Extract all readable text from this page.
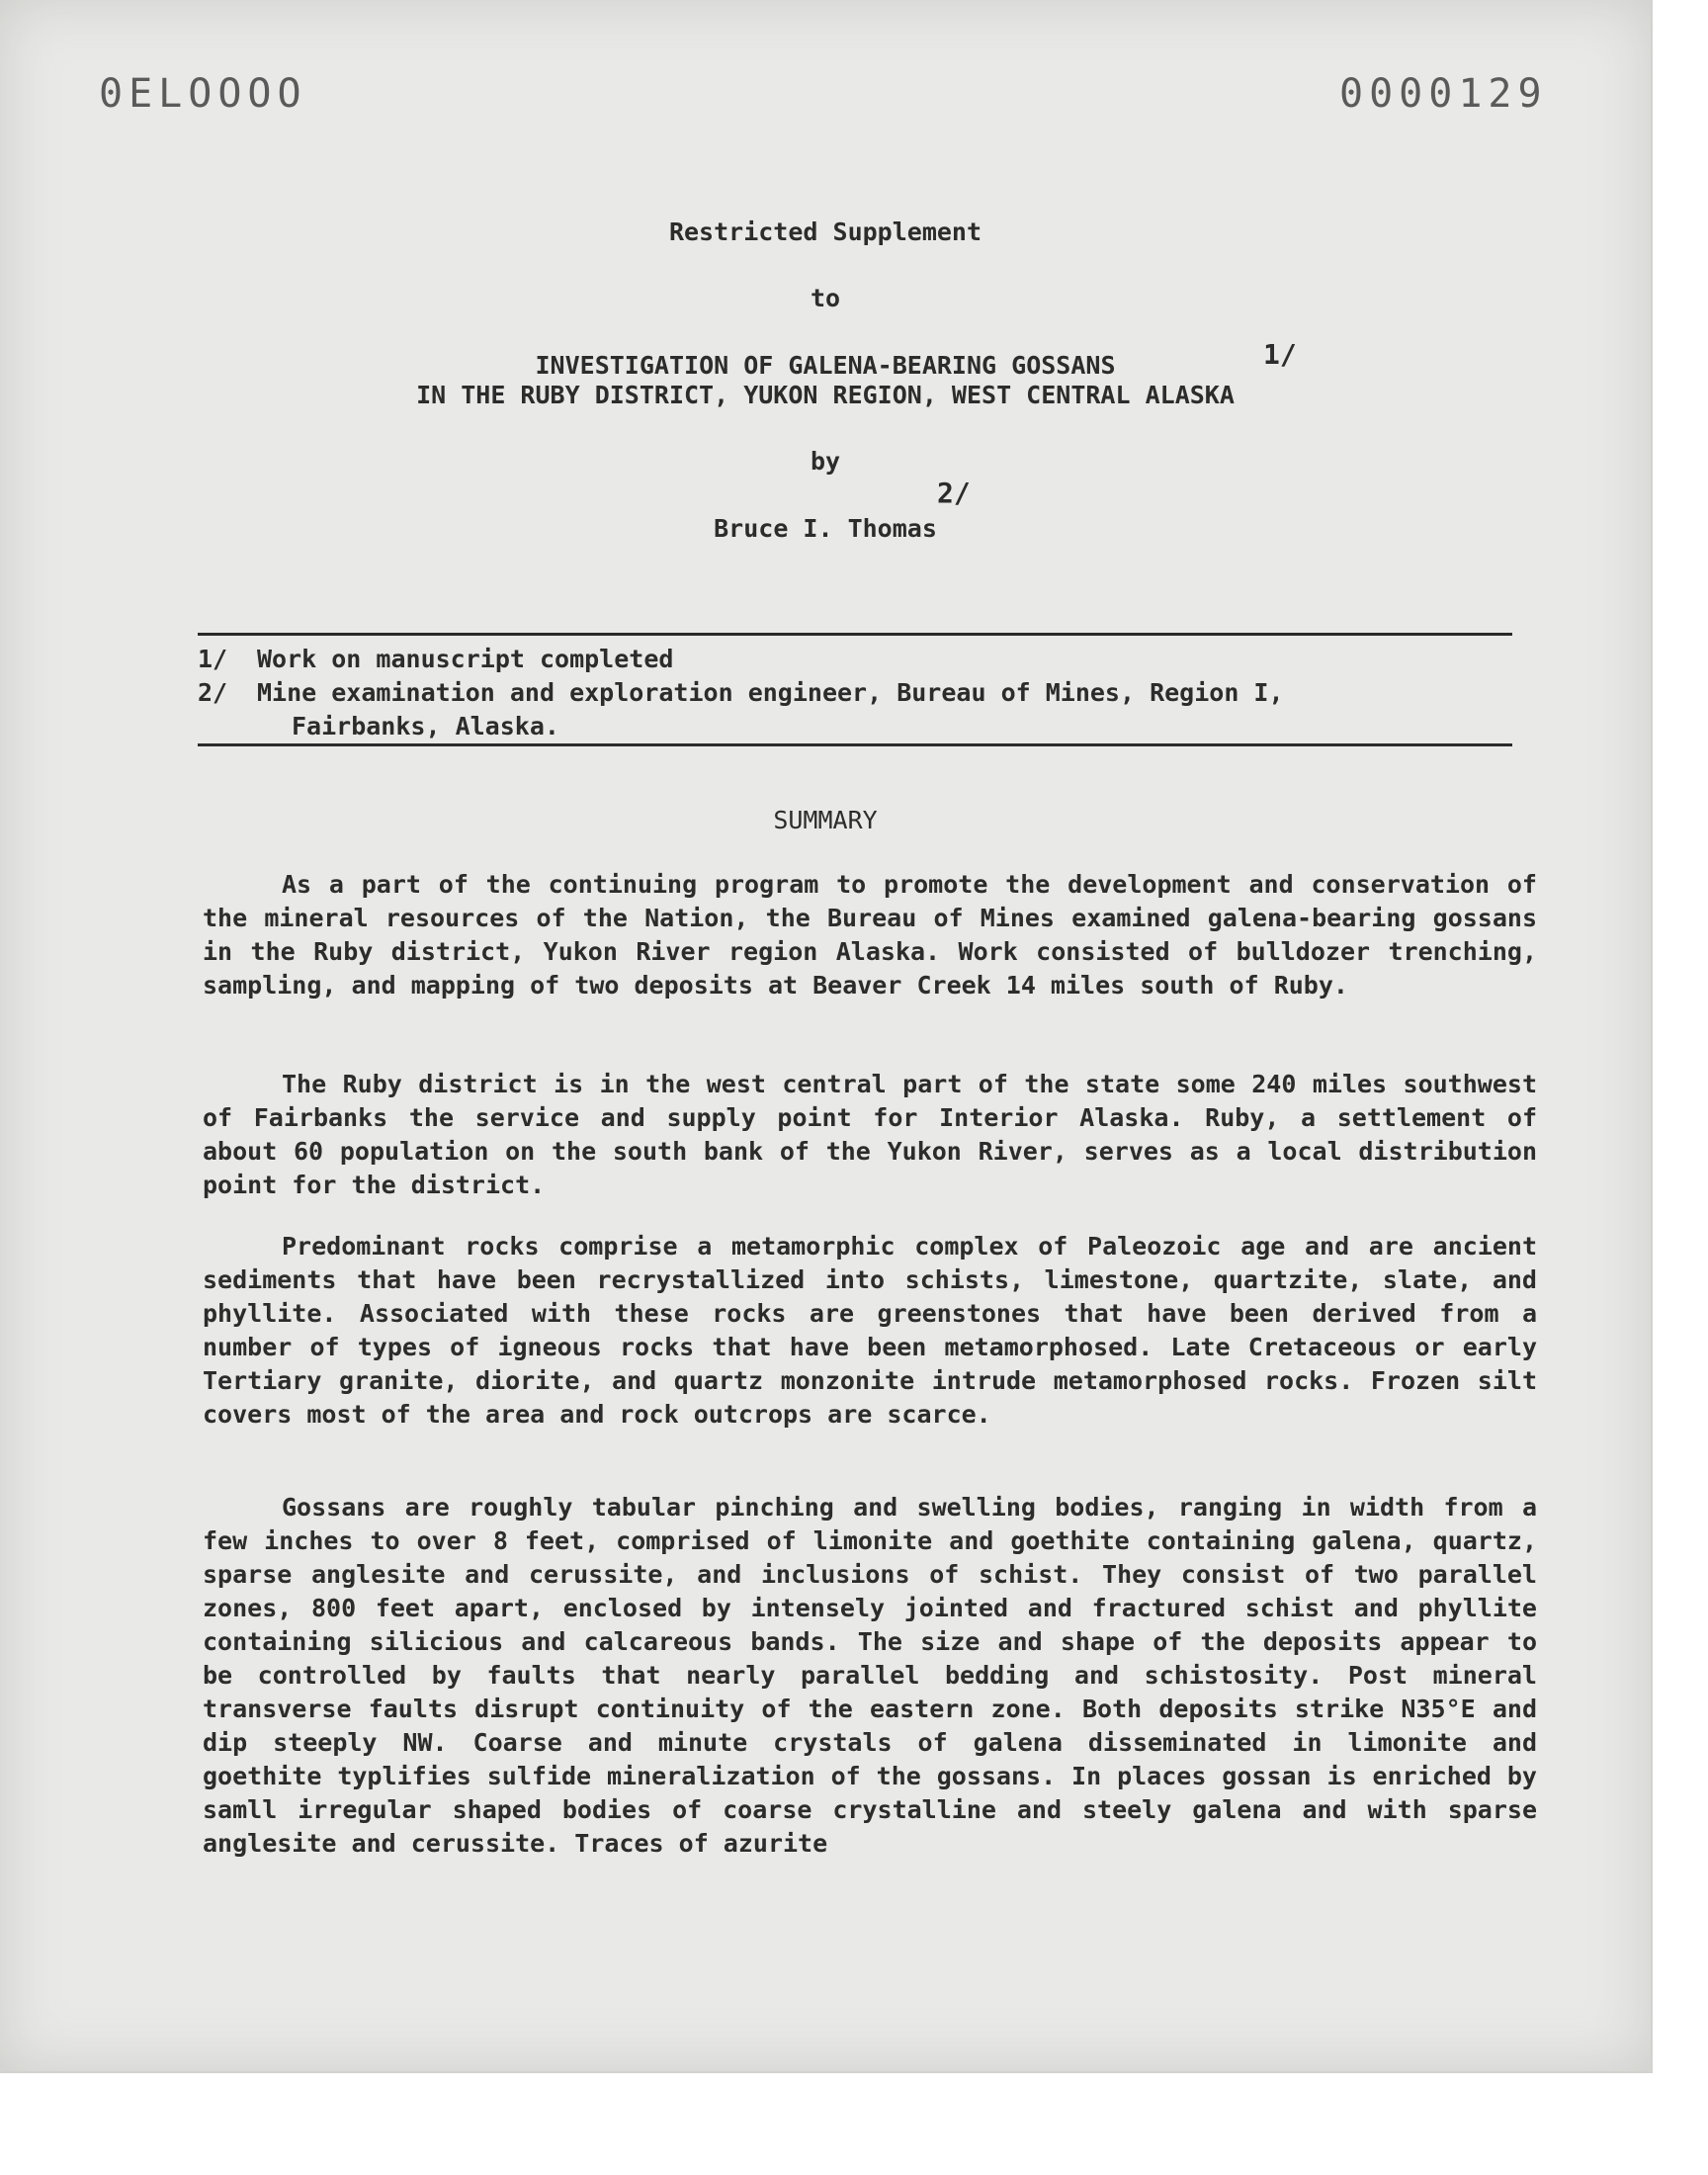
0ELOOOO	0000129
Restricted Supplement
to
INVESTIGATION OF GALENA-BEARING GOSSANS
IN THE RUBY DISTRICT, YUKON REGION, WEST CENTRAL ALASKA
1/
by
Bruce I. Thomas
2/
1/ Work on manuscript completed
2/ Mine examination and exploration engineer, Bureau of Mines, Region I,
Fairbanks, Alaska.
SUMMARY

As a part of the continuing program to promote the development and conservation of the mineral resources of the Nation, the Bureau of Mines examined galena-bearing gossans in the Ruby district, Yukon River region Alaska. Work consisted of bulldozer trenching, sampling, and mapping of two deposits at Beaver Creek 14 miles south of Ruby.

The Ruby district is in the west central part of the state some 240 miles southwest of Fairbanks the service and supply point for Interior Alaska. Ruby, a settlement of about 60 population on the south bank of the Yukon River, serves as a local distribution point for the district.

Predominant rocks comprise a metamorphic complex of Paleozoic age and are ancient sediments that have been recrystallized into schists, limestone, quartzite, slate, and phyllite. Associated with these rocks are greenstones that have been derived from a number of types of igneous rocks that have been metamorphosed. Late Cretaceous or early Tertiary granite, diorite, and quartz monzonite intrude metamorphosed rocks. Frozen silt covers most of the area and rock outcrops are scarce.

Gossans are roughly tabular pinching and swelling bodies, ranging in width from a few inches to over 8 feet, comprised of limonite and goethite containing galena, quartz, sparse anglesite and cerussite, and inclusions of schist. They consist of two parallel zones, 800 feet apart, enclosed by intensely jointed and fractured schist and phyllite containing silicious and calcareous bands. The size and shape of the deposits appear to be controlled by faults that nearly parallel bedding and schistosity. Post mineral transverse faults disrupt continuity of the eastern zone. Both deposits strike N35°E and dip steeply NW. Coarse and minute crystals of galena disseminated in limonite and goethite typlifies sulfide mineralization of the gossans. In places gossan is enriched by samll irregular shaped bodies of coarse crystalline and steely galena and with sparse anglesite and cerussite. Traces of azurite
